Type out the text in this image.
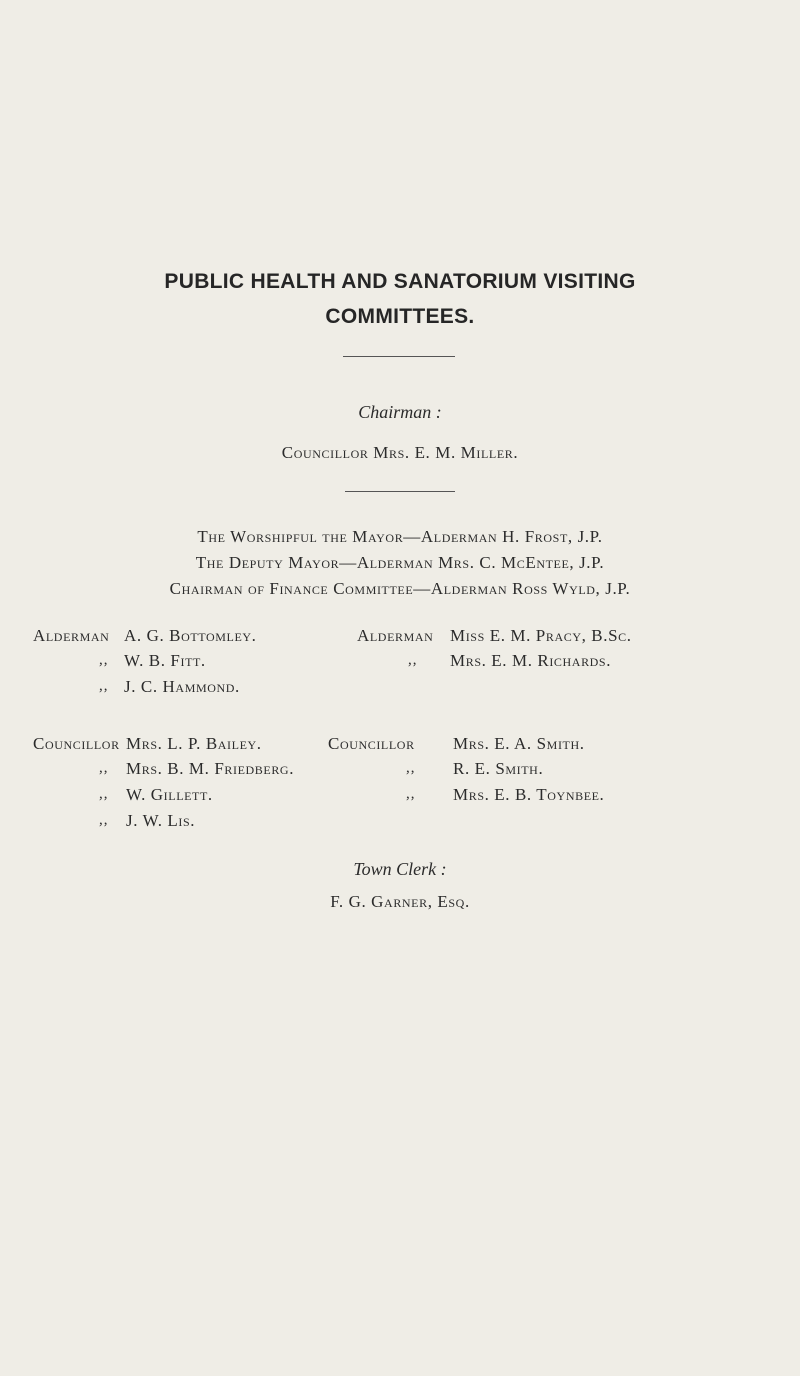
PUBLIC HEALTH AND SANATORIUM VISITING
COMMITTEES.
Chairman :
Councillor Mrs. E. M. Miller.
The Worshipful the Mayor—Alderman H. Frost, J.P.
The Deputy Mayor—Alderman Mrs. C. McEntee, J.P.
Chairman of Finance Committee—Alderman Ross Wyld, J.P.
Alderman A. G. Bottomley.
,, W. B. Fitt.
,, J. C. Hammond.
Alderman Miss E. M. Pracy, B.Sc.
,, Mrs. E. M. Richards.
Councillor Mrs. L. P. Bailey.
,, Mrs. B. M. Friedberg.
,, W. Gillett.
,, J. W. Lis.
Councillor Mrs. E. A. Smith.
,, R. E. Smith.
,, Mrs. E. B. Toynbee.
Town Clerk :
F. G. Garner, Esq.
